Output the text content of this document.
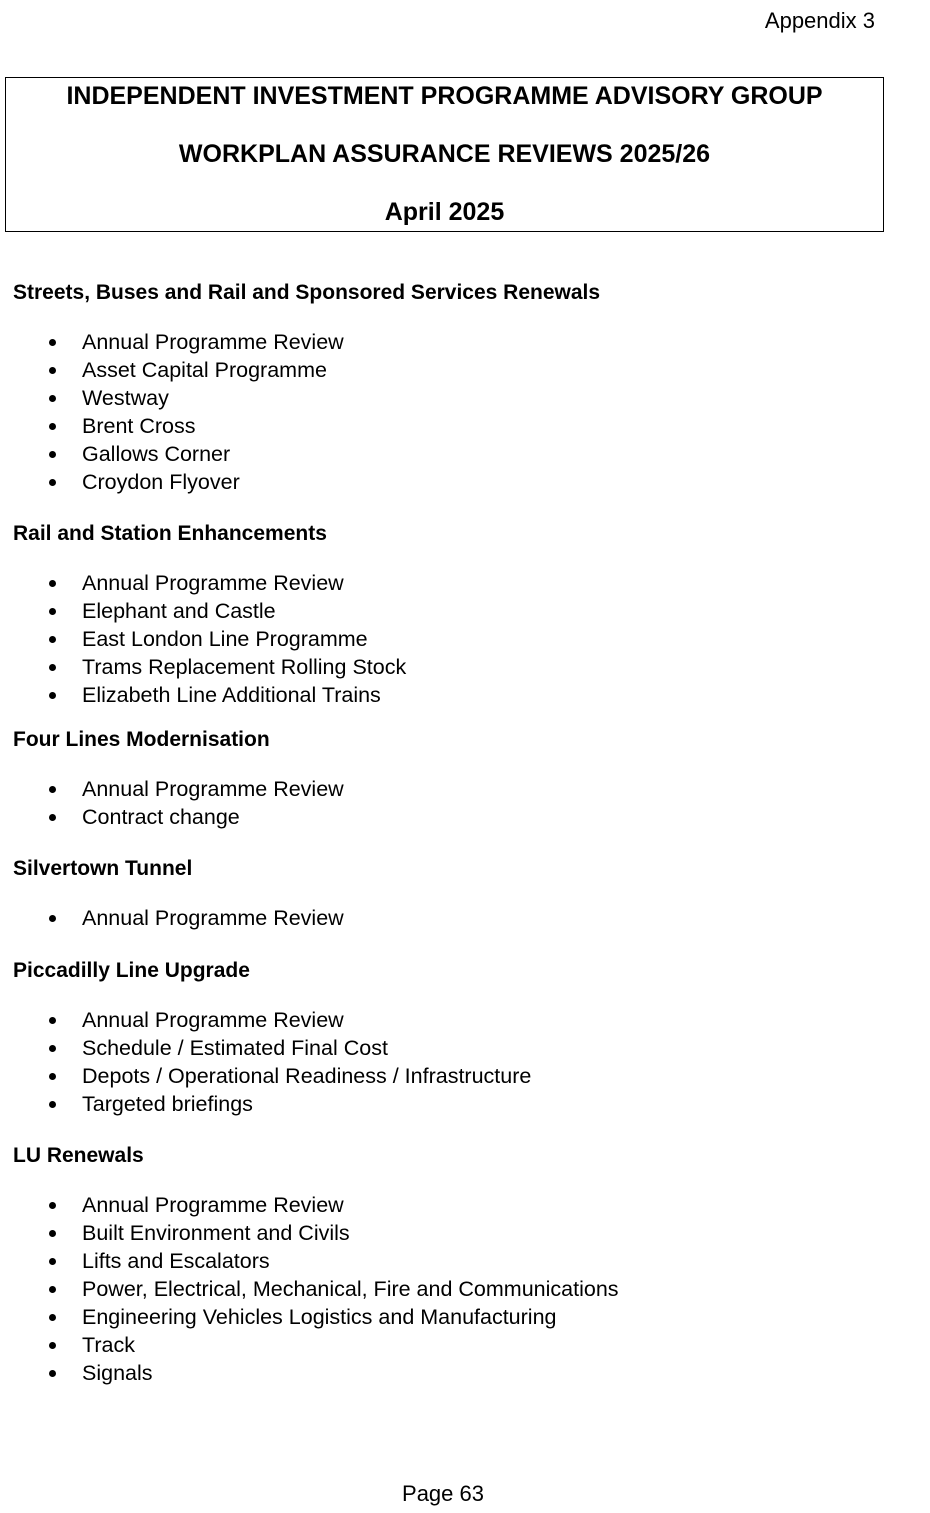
Appendix 3
INDEPENDENT INVESTMENT PROGRAMME ADVISORY GROUP
WORKPLAN ASSURANCE REVIEWS 2025/26
April 2025
Streets, Buses and Rail and Sponsored Services Renewals
Annual Programme Review
Asset Capital Programme
Westway
Brent Cross
Gallows Corner
Croydon Flyover
Rail and Station Enhancements
Annual Programme Review
Elephant and Castle
East London Line Programme
Trams Replacement Rolling Stock
Elizabeth Line Additional Trains
Four Lines Modernisation
Annual Programme Review
Contract change
Silvertown Tunnel
Annual Programme Review
Piccadilly Line Upgrade
Annual Programme Review
Schedule / Estimated Final Cost
Depots / Operational Readiness / Infrastructure
Targeted briefings
LU Renewals
Annual Programme Review
Built Environment and Civils
Lifts and Escalators
Power, Electrical, Mechanical, Fire and Communications
Engineering Vehicles Logistics and Manufacturing
Track
Signals
Page 63
